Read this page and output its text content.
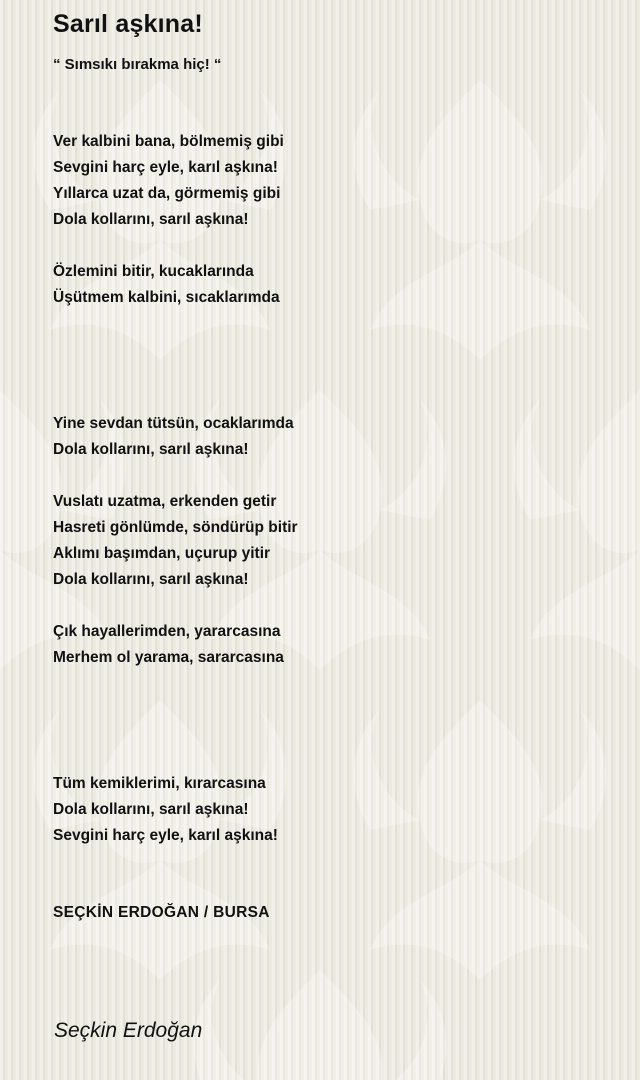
Sarıl aşkına!

“ Sımsıkı bırakma hiç! “

Ver kalbini bana, bölmemiş gibi
Sevgini harç eyle, karıl aşkına!
Yıllarca uzat da, görmemiş gibi
Dola kollarını, sarıl aşkına!
Özlemini bitir, kucaklarında
Üşütmem kalbini, sıcaklarımda
Yine sevdan tütsün, ocaklarımda
Dola kollarını, sarıl aşkına!
Vuslatı uzatma, erkenden getir
Hasreti gönlümde, söndürüp bitir
Aklımı başımdan, uçurup yitir
Dola kollarını, sarıl aşkına!
Çık hayallerimden, yararcasına
Merhem ol yarama, sararcasına
Tüm kemiklerimi, kırarcasına
Dola kollarını, sarıl aşkına!
Sevgini harç eyle, karıl aşkına!
SEÇKİN ERDOĞAN / BURSA
Seçkin Erdoğan
